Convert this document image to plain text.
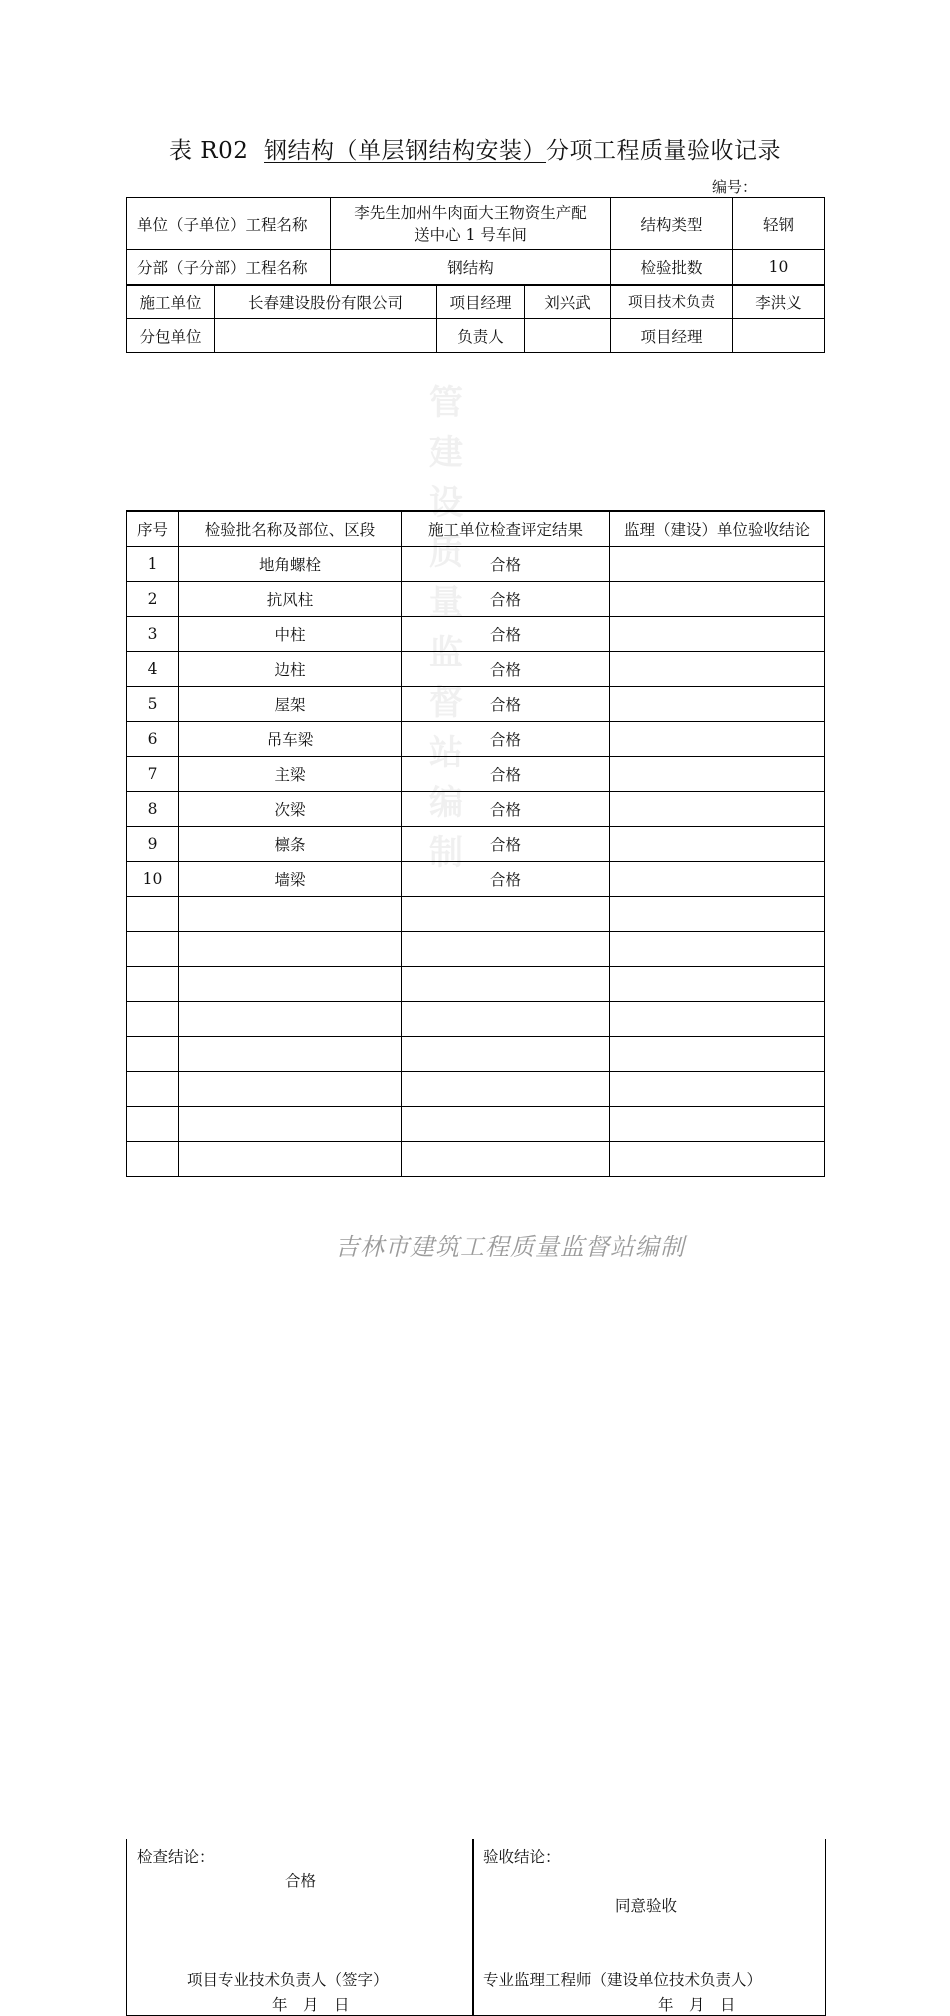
表 R02 钢结构（单层钢结构安装）分项工程质量验收记录
编号：
管
建
设
质
量
监
督
站
编
制
单位（子单位）工程名称		李先生加州牛肉面大王物资生产配
送中心 1 号车间			结构类型	轻钢
分部（子分部）工程名称		钢结构			检验批数	10
施工单位	长春建设股份有限公司		项目经理	刘兴武	项目技术负责	李洪义
分包单位			负责人		项目经理	
序号	检验批名称及部位、区段	施工单位检查评定结果	监理（建设）单位验收结论
1	地角螺栓	合格	
2	抗风柱	合格	
3	中柱	合格	
4	边柱	合格	
5	屋架	合格	
6	吊车梁	合格	
7	主梁	合格	
8	次梁	合格	
9	檩条	合格	
10	墙梁	合格	

检查结论：
合格
项目专业技术负责人（签字）
年　月　日
验收结论：
同意验收
专业监理工程师（建设单位技术负责人）
年　月　日
吉林市建筑工程质量监督站编制
